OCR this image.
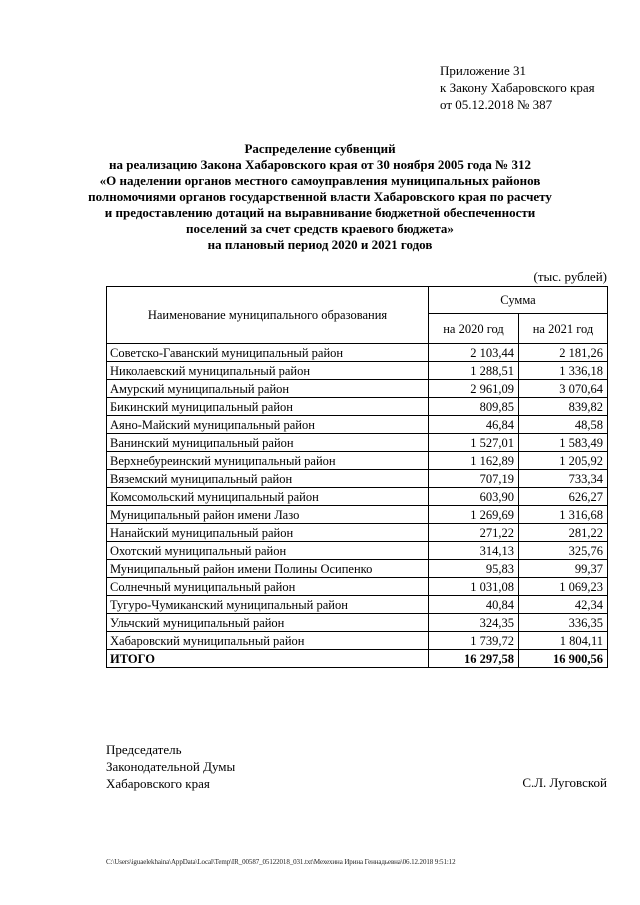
Приложение 31
к Закону Хабаровского края
от 05.12.2018 № 387
Распределение субвенций
на реализацию Закона Хабаровского края от 30 ноября 2005 года № 312
«О наделении органов местного самоуправления муниципальных районов
полномочиями органов государственной власти Хабаровского края по расчету
и предоставлению дотаций на выравнивание бюджетной обеспеченности
поселений за счет средств краевого бюджета»
на плановый период 2020 и 2021 годов
(тыс. рублей)
Наименование муниципального образования	Сумма	
	на 2020 год	на 2021 год
Советско-Гаванский муниципальный район	2 103,44	2 181,26
Николаевский муниципальный район	1 288,51	1 336,18
Амурский муниципальный район	2 961,09	3 070,64
Бикинский муниципальный район	809,85	839,82
Аяно-Майский муниципальный район	46,84	48,58
Ванинский муниципальный район	1 527,01	1 583,49
Верхнебуреинский муниципальный район	1 162,89	1 205,92
Вяземский муниципальный район	707,19	733,34
Комсомольский муниципальный район	603,90	626,27
Муниципальный район имени Лазо	1 269,69	1 316,68
Нанайский муниципальный район	271,22	281,22
Охотский муниципальный район	314,13	325,76
Муниципальный район имени Полины Осипенко	95,83	99,37
Солнечный муниципальный район	1 031,08	1 069,23
Тугуро-Чумиканский муниципальный район	40,84	42,34
Ульчский муниципальный район	324,35	336,35
Хабаровский муниципальный район	1 739,72	1 804,11
ИТОГО	16 297,58	16 900,56
Председатель
Законодательной Думы
Хабаровского края	С.Л. Луговской
C:\Users\iguaelekhaina\AppData\Local\Temp\IR_00587_05122018_031.txt\Мехехина Ирина Геннадьевна\06.12.2018 9:51:12
